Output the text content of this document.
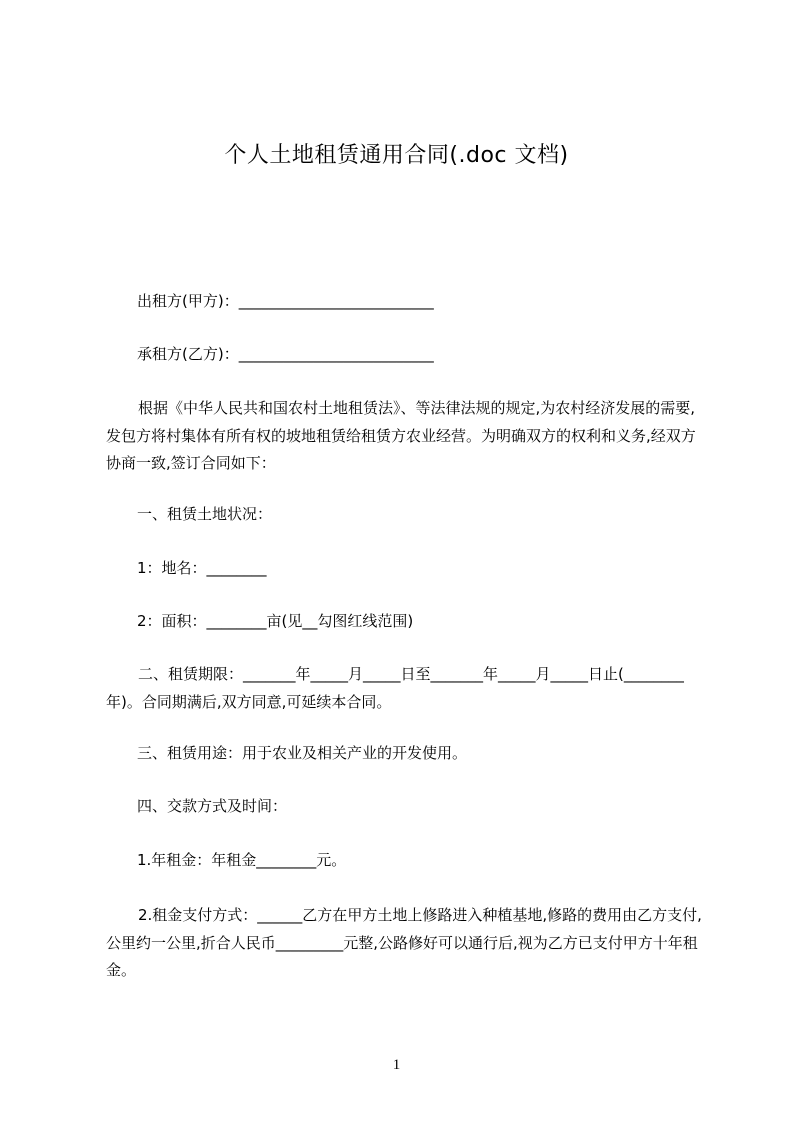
个人土地租赁通用合同(.doc 文档)
出租方(甲方)：__________________________
承租方(乙方)：__________________________
根据《中华人民共和国农村土地租赁法》、等法律法规的规定,为农村经济发展的需要,发包方将村集体有所有权的坡地租赁给租赁方农业经营。为明确双方的权利和义务,经双方协商一致,签订合同如下：
一、租赁土地状况：
1：地名：________
2：面积：________亩(见__勾图红线范围)
二、租赁期限：_______年_____月_____日至_______年_____月_____日止(________年)。合同期满后,双方同意,可延续本合同。
三、租赁用途：用于农业及相关产业的开发使用。
四、交款方式及时间：
1.年租金：年租金________元。
2.租金支付方式：______乙方在甲方土地上修路进入种植基地,修路的费用由乙方支付,公里约一公里,折合人民币_________元整,公路修好可以通行后,视为乙方已支付甲方十年租金。
1
